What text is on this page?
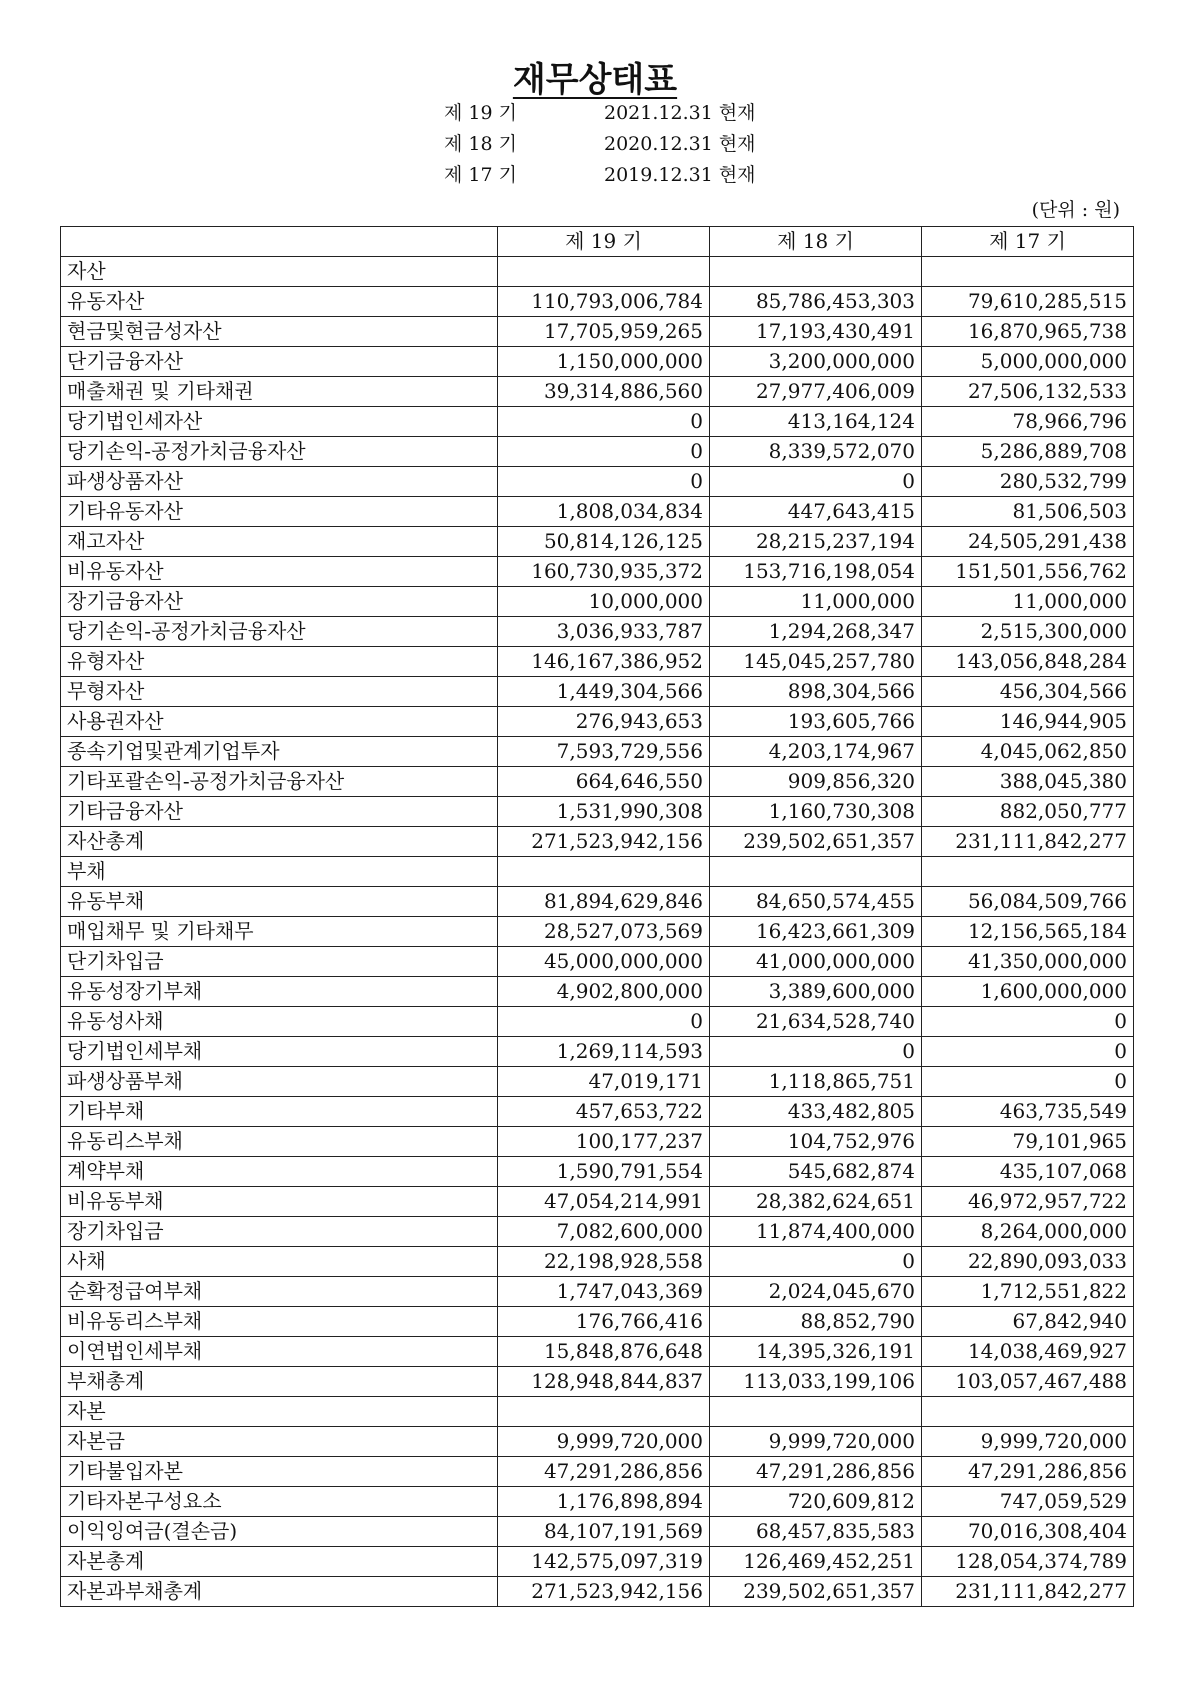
재무상태표
제 19 기	2021.12.31 현재
제 18 기	2020.12.31 현재
제 17 기	2019.12.31 현재
(단위 : 원)
	제 19 기	제 18 기	제 17 기
자산			
유동자산	110,793,006,784	85,786,453,303	79,610,285,515
현금및현금성자산	17,705,959,265	17,193,430,491	16,870,965,738
단기금융자산	1,150,000,000	3,200,000,000	5,000,000,000
매출채권 및 기타채권	39,314,886,560	27,977,406,009	27,506,132,533
당기법인세자산	0	413,164,124	78,966,796
당기손익-공정가치금융자산	0	8,339,572,070	5,286,889,708
파생상품자산	0	0	280,532,799
기타유동자산	1,808,034,834	447,643,415	81,506,503
재고자산	50,814,126,125	28,215,237,194	24,505,291,438
비유동자산	160,730,935,372	153,716,198,054	151,501,556,762
장기금융자산	10,000,000	11,000,000	11,000,000
당기손익-공정가치금융자산	3,036,933,787	1,294,268,347	2,515,300,000
유형자산	146,167,386,952	145,045,257,780	143,056,848,284
무형자산	1,449,304,566	898,304,566	456,304,566
사용권자산	276,943,653	193,605,766	146,944,905
종속기업및관계기업투자	7,593,729,556	4,203,174,967	4,045,062,850
기타포괄손익-공정가치금융자산	664,646,550	909,856,320	388,045,380
기타금융자산	1,531,990,308	1,160,730,308	882,050,777
자산총계	271,523,942,156	239,502,651,357	231,111,842,277
부채			
유동부채	81,894,629,846	84,650,574,455	56,084,509,766
매입채무 및 기타채무	28,527,073,569	16,423,661,309	12,156,565,184
단기차입금	45,000,000,000	41,000,000,000	41,350,000,000
유동성장기부채	4,902,800,000	3,389,600,000	1,600,000,000
유동성사채	0	21,634,528,740	0
당기법인세부채	1,269,114,593	0	0
파생상품부채	47,019,171	1,118,865,751	0
기타부채	457,653,722	433,482,805	463,735,549
유동리스부채	100,177,237	104,752,976	79,101,965
계약부채	1,590,791,554	545,682,874	435,107,068
비유동부채	47,054,214,991	28,382,624,651	46,972,957,722
장기차입금	7,082,600,000	11,874,400,000	8,264,000,000
사채	22,198,928,558	0	22,890,093,033
순확정급여부채	1,747,043,369	2,024,045,670	1,712,551,822
비유동리스부채	176,766,416	88,852,790	67,842,940
이연법인세부채	15,848,876,648	14,395,326,191	14,038,469,927
부채총계	128,948,844,837	113,033,199,106	103,057,467,488
자본			
자본금	9,999,720,000	9,999,720,000	9,999,720,000
기타불입자본	47,291,286,856	47,291,286,856	47,291,286,856
기타자본구성요소	1,176,898,894	720,609,812	747,059,529
이익잉여금(결손금)	84,107,191,569	68,457,835,583	70,016,308,404
자본총계	142,575,097,319	126,469,452,251	128,054,374,789
자본과부채총계	271,523,942,156	239,502,651,357	231,111,842,277
